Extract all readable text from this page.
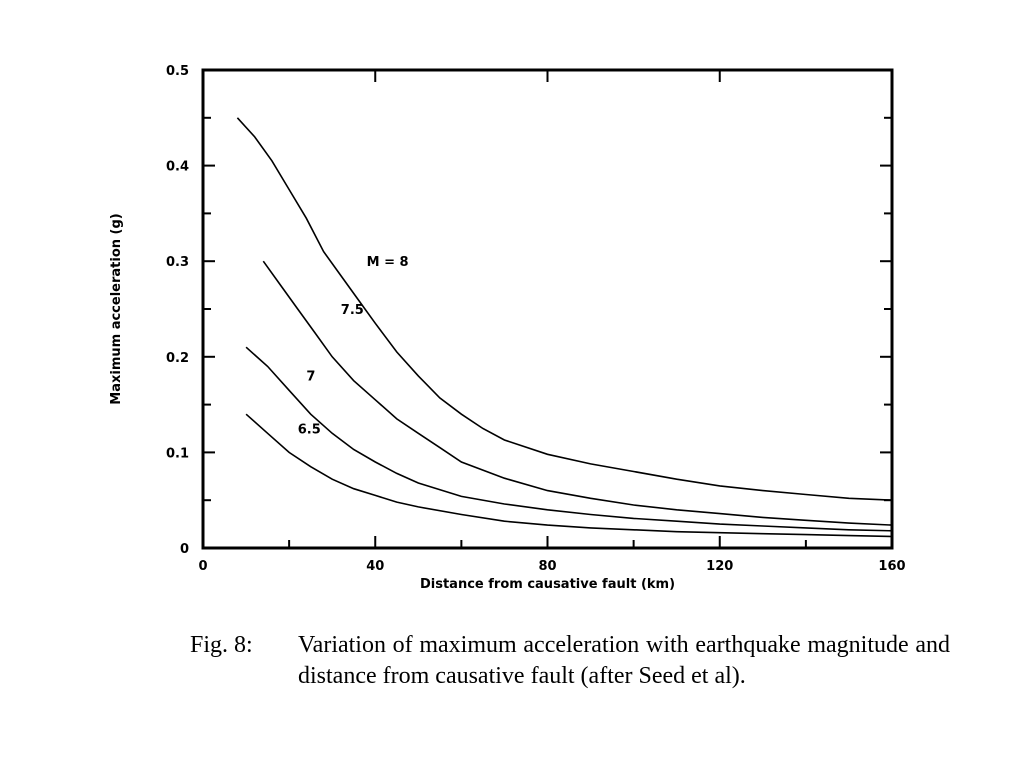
0	40	80	120	160
0
0.1
0.2
0.3
0.4
0.5
Distance from causative fault (km)
Maximum acceleration (g)	M = 8
7.5
7
6.5
Fig. 8: Variation of maximum acceleration with earthquake magnitude and distance from causative fault (after Seed et al).
